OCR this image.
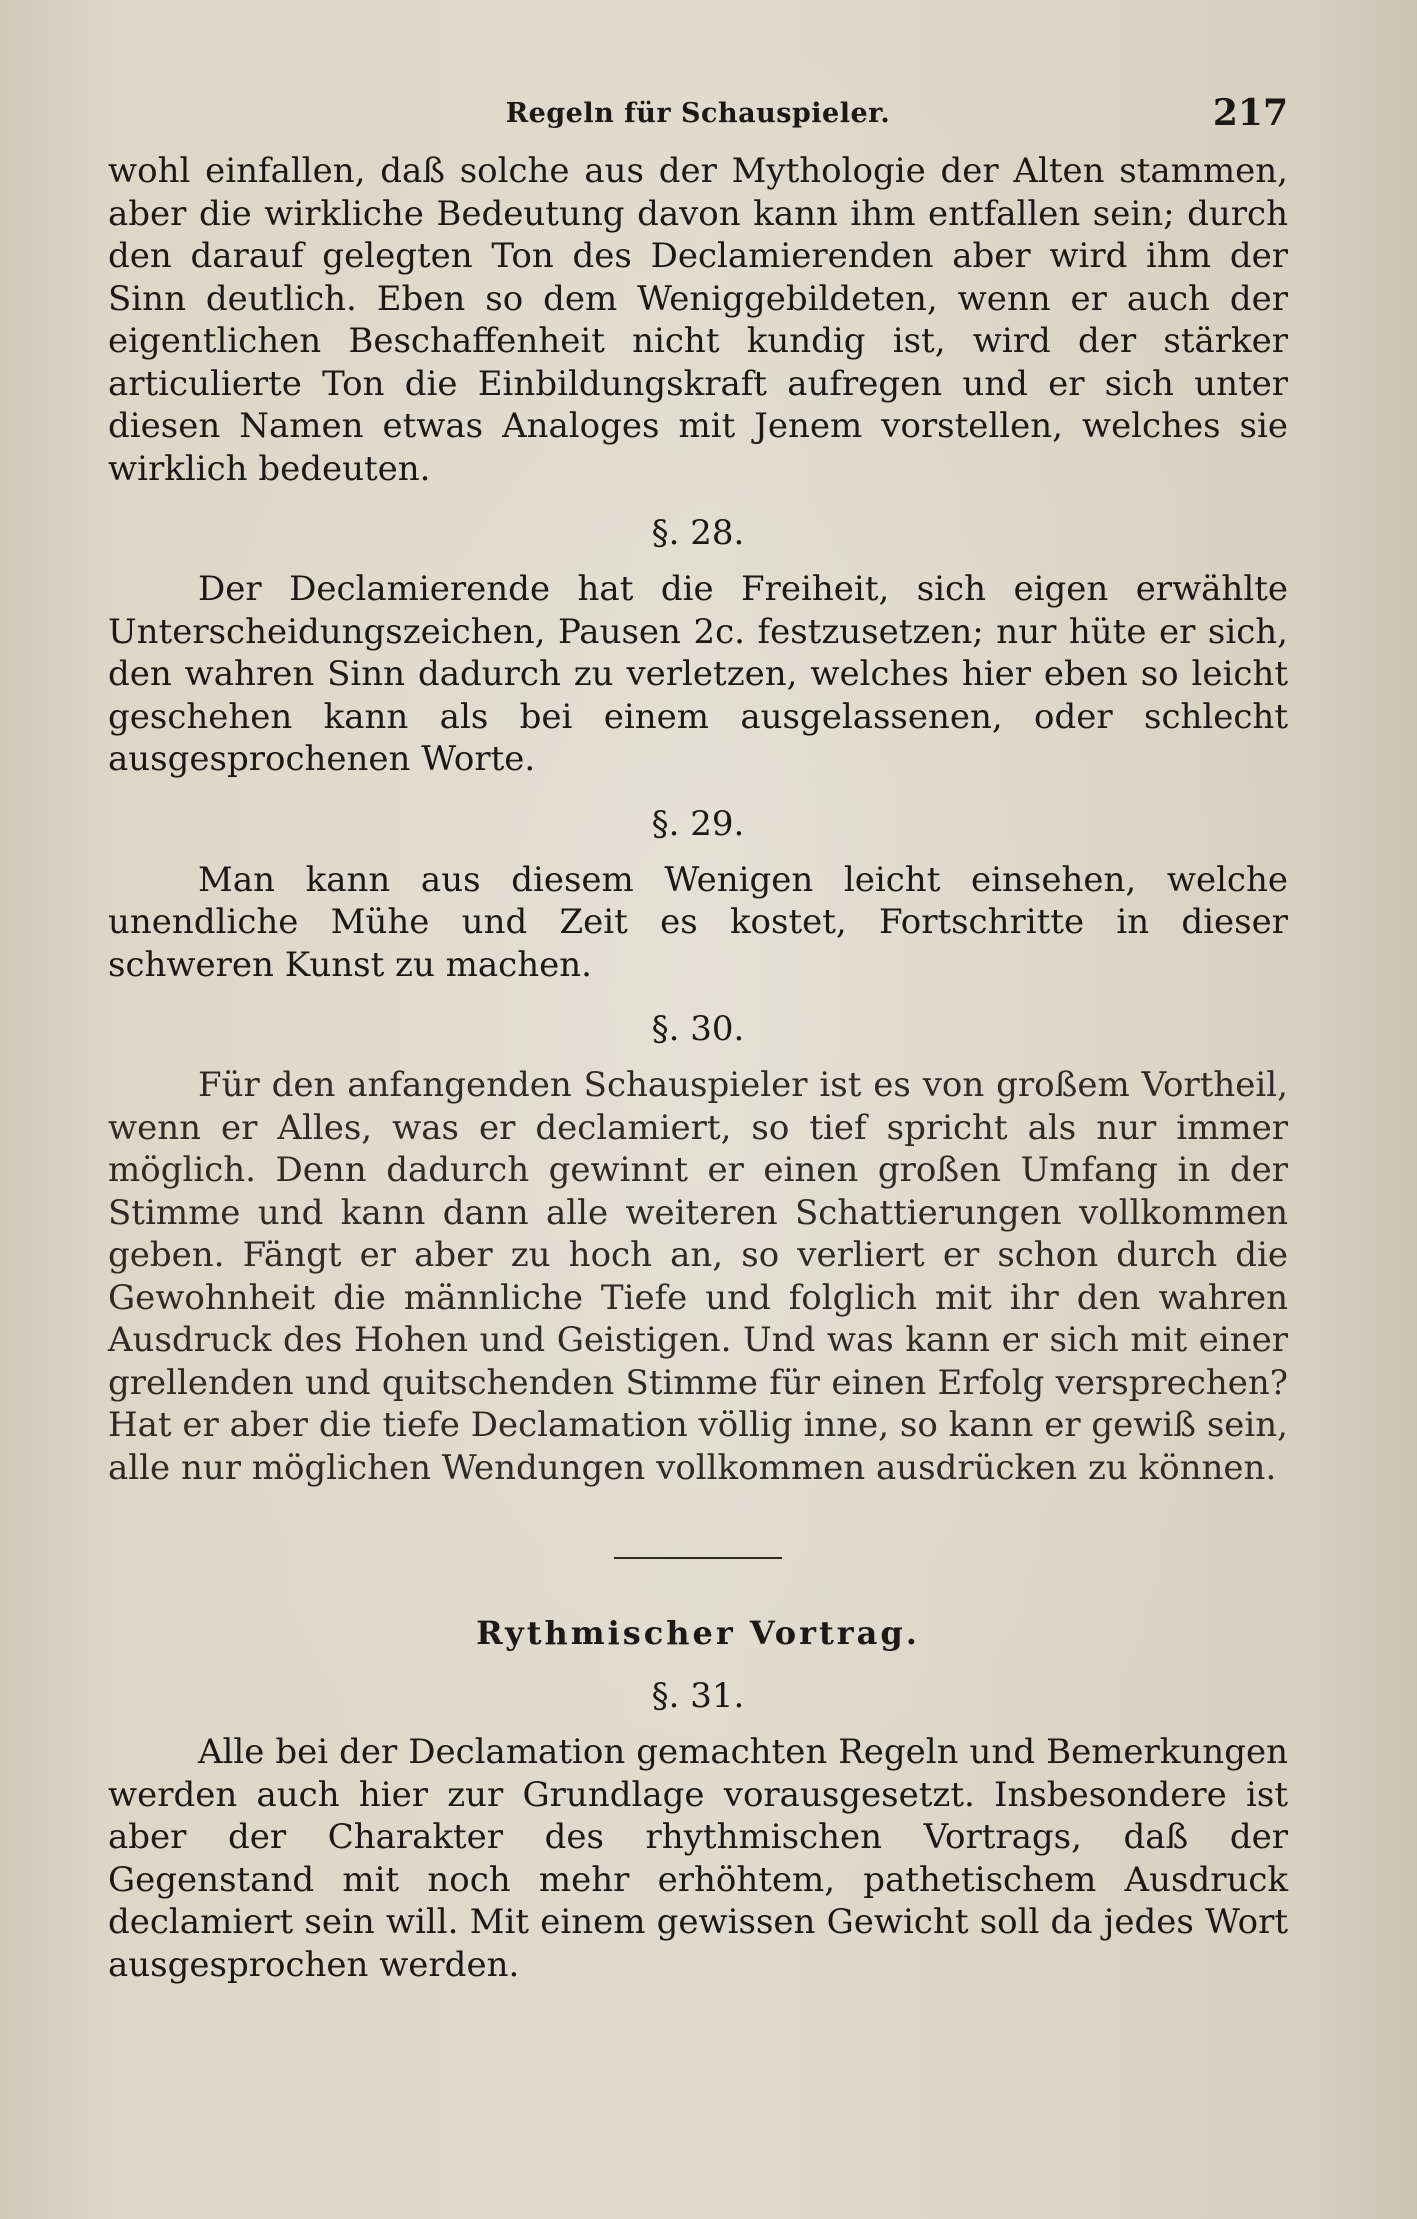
Regeln für Schauspieler.	217

wohl einfallen, daß solche aus der Mythologie der Alten stammen, aber die wirkliche Bedeutung davon kann ihm entfallen sein; durch den darauf gelegten Ton des Declamierenden aber wird ihm der Sinn deutlich. Eben so dem Weniggebildeten, wenn er auch der eigentlichen Beschaffenheit nicht kundig ist, wird der stärker articulierte Ton die Einbildungskraft aufregen und er sich unter diesen Namen etwas Analoges mit Jenem vorstellen, welches sie wirklich bedeuten.

§. 28.

Der Declamierende hat die Freiheit, sich eigen erwählte Unterscheidungszeichen, Pausen 2c. festzusetzen; nur hüte er sich, den wahren Sinn dadurch zu verletzen, welches hier eben so leicht geschehen kann als bei einem ausgelassenen, oder schlecht ausgesprochenen Worte.

§. 29.

Man kann aus diesem Wenigen leicht einsehen, welche unendliche Mühe und Zeit es kostet, Fortschritte in dieser schweren Kunst zu machen.

§. 30.

Für den anfangenden Schauspieler ist es von großem Vortheil, wenn er Alles, was er declamiert, so tief spricht als nur immer möglich. Denn dadurch gewinnt er einen großen Umfang in der Stimme und kann dann alle weiteren Schattierungen vollkommen geben. Fängt er aber zu hoch an, so verliert er schon durch die Gewohnheit die männliche Tiefe und folglich mit ihr den wahren Ausdruck des Hohen und Geistigen. Und was kann er sich mit einer grellenden und quitschenden Stimme für einen Erfolg versprechen? Hat er aber die tiefe Declamation völlig inne, so kann er gewiß sein, alle nur möglichen Wendungen vollkommen ausdrücken zu können.

Rythmischer Vortrag.

§. 31.

Alle bei der Declamation gemachten Regeln und Bemerkungen werden auch hier zur Grundlage vorausgesetzt. Insbesondere ist aber der Charakter des rhythmischen Vortrags, daß der Gegenstand mit noch mehr erhöhtem, pathetischem Ausdruck declamiert sein will. Mit einem gewissen Gewicht soll da jedes Wort ausgesprochen werden.
